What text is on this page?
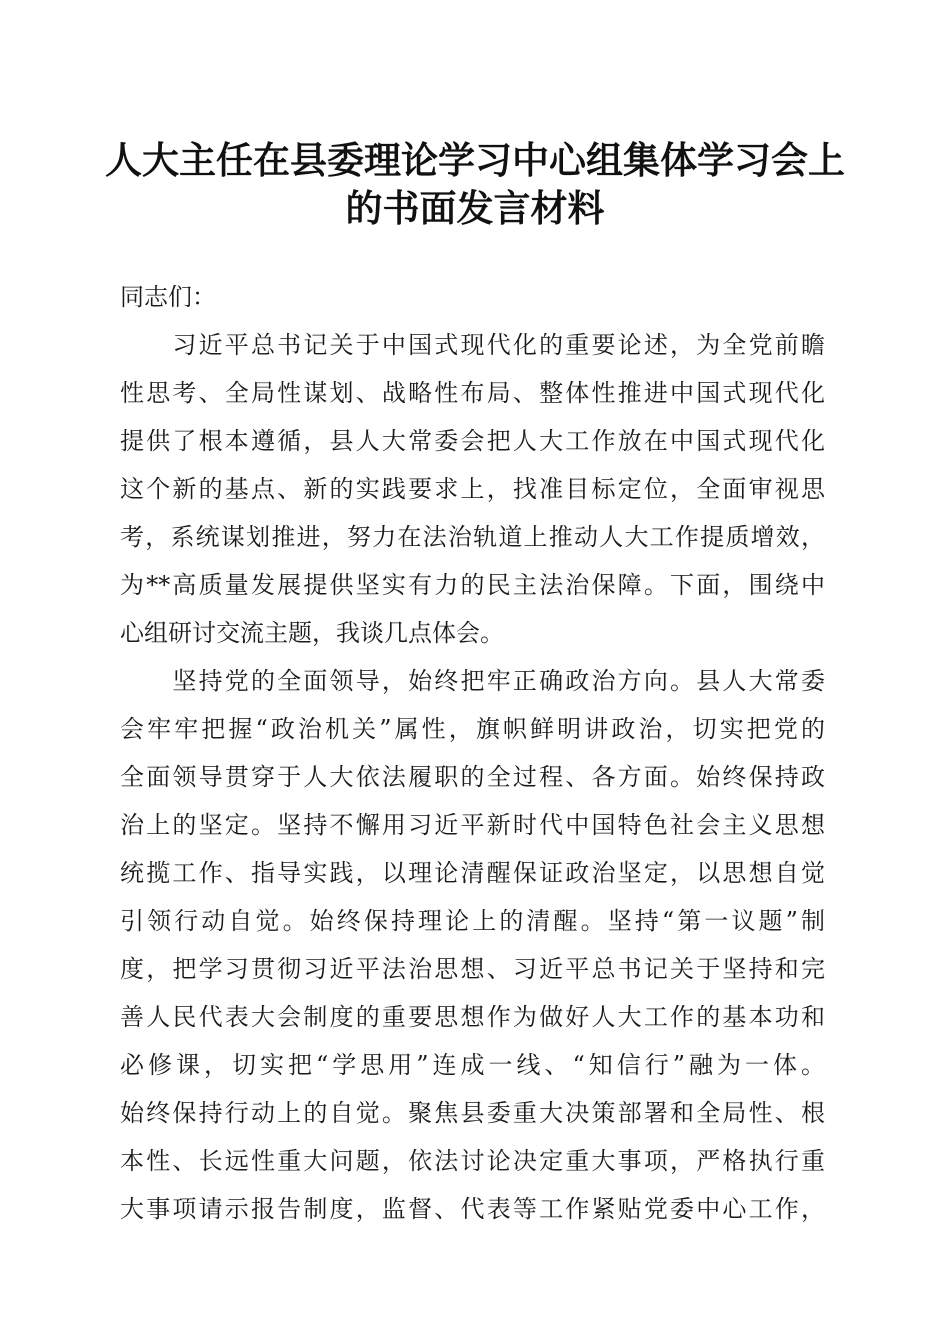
人大主任在县委理论学习中心组集体学习会上
的书面发言材料

同志们：

　　习近平总书记关于中国式现代化的重要论述，为全党前瞻

性思考、全局性谋划、战略性布局、整体性推进中国式现代化

提供了根本遵循，县人大常委会把人大工作放在中国式现代化

这个新的基点、新的实践要求上，找准目标定位，全面审视思

考，系统谋划推进，努力在法治轨道上推动人大工作提质增效，

为**高质量发展提供坚实有力的民主法治保障。下面，围绕中

心组研讨交流主题，我谈几点体会。

　　坚持党的全面领导，始终把牢正确政治方向。县人大常委

会牢牢把握“政治机关”属性，旗帜鲜明讲政治，切实把党的

全面领导贯穿于人大依法履职的全过程、各方面。始终保持政

治上的坚定。坚持不懈用习近平新时代中国特色社会主义思想

统揽工作、指导实践，以理论清醒保证政治坚定，以思想自觉

引领行动自觉。始终保持理论上的清醒。坚持“第一议题”制

度，把学习贯彻习近平法治思想、习近平总书记关于坚持和完

善人民代表大会制度的重要思想作为做好人大工作的基本功和

必修课，切实把“学思用”连成一线、“知信行”融为一体。

始终保持行动上的自觉。聚焦县委重大决策部署和全局性、根

本性、长远性重大问题，依法讨论决定重大事项，严格执行重

大事项请示报告制度，监督、代表等工作紧贴党委中心工作，
